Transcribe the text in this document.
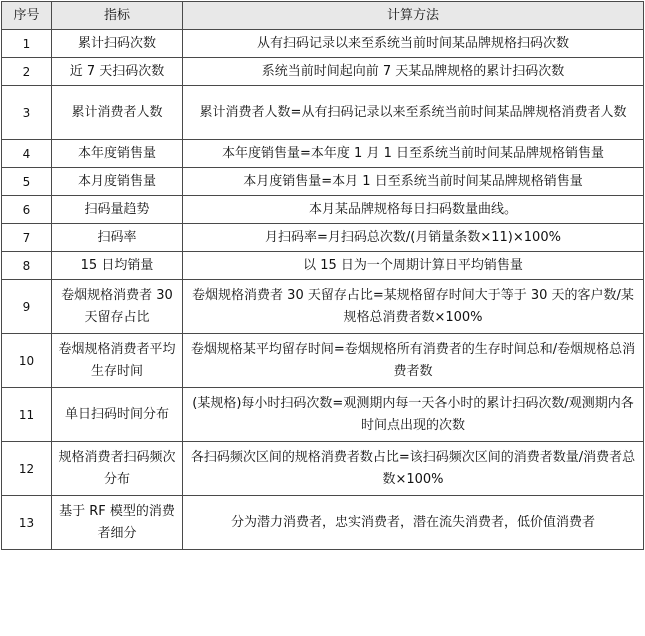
序号	指标	计算方法
1	累计扫码次数	从有扫码记录以来至系统当前时间某品牌规格扫码次数
2	近 7 天扫码次数	系统当前时间起向前 7 天某品牌规格的累计扫码次数
3	累计消费者人数	累计消费者人数=从有扫码记录以来至系统当前时间某品牌规格消费者人数
4	本年度销售量	本年度销售量=本年度 1 月 1 日至系统当前时间某品牌规格销售量
5	本月度销售量	本月度销售量=本月 1 日至系统当前时间某品牌规格销售量
6	扫码量趋势	本月某品牌规格每日扫码数量曲线。
7	扫码率	月扫码率=月扫码总次数/(月销量条数×11)×100%
8	15 日均销量	以 15 日为一个周期计算日平均销售量
9	卷烟规格消费者 30 天留存占比	卷烟规格消费者 30 天留存占比=某规格留存时间大于等于 30 天的客户数/某规格总消费者数×100%
10	卷烟规格消费者平均生存时间	卷烟规格某平均留存时间=卷烟规格所有消费者的生存时间总和/卷烟规格总消费者数
11	单日扫码时间分布	(某规格)每小时扫码次数=观测期内每一天各小时的累计扫码次数/观测期内各时间点出现的次数
12	规格消费者扫码频次分布	各扫码频次区间的规格消费者数占比=该扫码频次区间的消费者数量/消费者总数×100%
13	基于 RF 模型的消费者细分	分为潜力消费者，忠实消费者，潜在流失消费者，低价值消费者
